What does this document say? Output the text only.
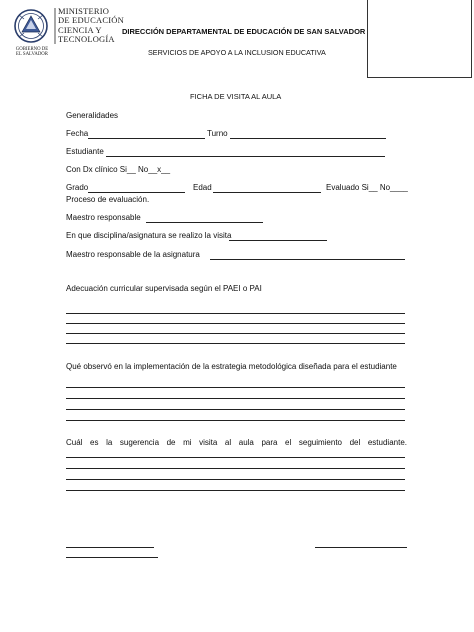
GOBIERNO DE
EL SALVADOR
MINISTERIO
DE EDUCACIÓN
CIENCIA Y
TECNOLOGÍA
DIRECCIÓN DEPARTAMENTAL DE EDUCACIÓN DE SAN SALVADOR
SERVICIOS DE APOYO A LA INCLUSION EDUCATIVA
FICHA DE VISITA AL AULA
Generalidades
Fecha	Turno
Estudiante
Con Dx clínico Si__ No__x__
Grado	Edad	Evaluado Si__ No____
Proceso de evaluación.
Maestro responsable
En que disciplina/asignatura se realizo la visita
Maestro responsable de la asignatura
Adecuación curricular supervisada según el PAEI o PAI
Qué observó en la implementación de la estrategia metodológica diseñada para el estudiante
Cuál es la sugerencia de mi visita al aula para el seguimiento del estudiante.
